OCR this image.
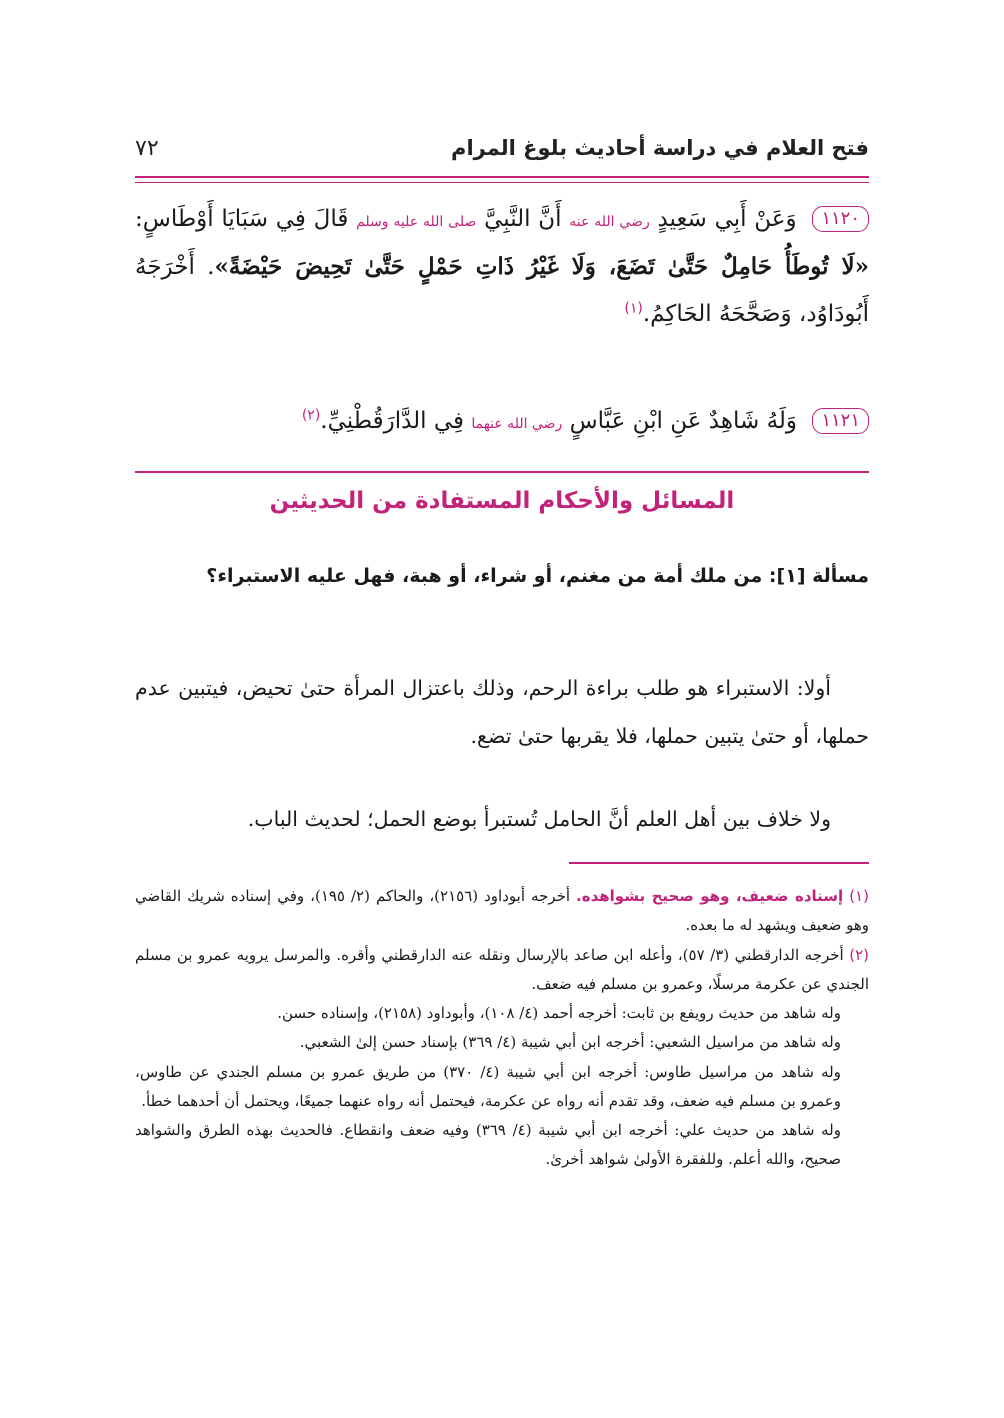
فتح العلام في دراسة أحاديث بلوغ المرام
٧٢
١١٢٠ وَعَنْ أَبِي سَعِيدٍ رضي الله عنه أَنَّ النَّبِيَّ صلى الله عليه وسلم قَالَ فِي سَبَايَا أَوْطَاسٍ: «لَا تُوطَأُ حَامِلٌ حَتَّىٰ تَضَعَ، وَلَا غَيْرُ ذَاتِ حَمْلٍ حَتَّىٰ تَحِيضَ حَيْضَةً». أَخْرَجَهُ أَبُودَاوُد، وَصَحَّحَهُ الحَاكِمُ.$^{(١)}$
١١٢١ وَلَهُ شَاهِدٌ عَنِ ابْنِ عَبَّاسٍ رضي الله عنهما فِي الدَّارَقُطْنِيِّ.$^{(٢)}$
المسائل والأحكام المستفادة من الحديثين
مسألة [١]: من ملك أمة من مغنم، أو شراء، أو هبة، فهل عليه الاستبراء؟
أولا: الاستبراء هو طلب براءة الرحم، وذلك باعتزال المرأة حتىٰ تحيض، فيتبين عدم حملها، أو حتىٰ يتبين حملها، فلا يقربها حتىٰ تضع.
ولا خلاف بين أهل العلم أنَّ الحامل تُستبرأ بوضع الحمل؛ لحديث الباب.

(١) إسناده ضعيف، وهو صحيح بشواهده. أخرجه أبوداود (٢١٥٦)، والحاكم (٢/ ١٩٥)، وفي إسناده شريك القاضي وهو ضعيف ويشهد له ما بعده.

(٢) أخرجه الدارقطني (٣/ ٥٧)، وأعله ابن صاعد بالإرسال ونقله عنه الدارقطني وأقره. والمرسل يرويه عمرو بن مسلم الجندي عن عكرمة مرسلًا، وعمرو بن مسلم فيه ضعف.

وله شاهد من حديث رويفع بن ثابت: أخرجه أحمد (٤/ ١٠٨)، وأبوداود (٢١٥٨)، وإسناده حسن.

وله شاهد من مراسيل الشعبي: أخرجه ابن أبي شيبة (٤/ ٣٦٩) بإسناد حسن إلىٰ الشعبي.

وله شاهد من مراسيل طاوس: أخرجه ابن أبي شيبة (٤/ ٣٧٠) من طريق عمرو بن مسلم الجندي عن طاوس، وعمرو بن مسلم فيه ضعف، وقد تقدم أنه رواه عن عكرمة، فيحتمل أنه رواه عنهما جميعًا، ويحتمل أن أحدهما خطأ.

وله شاهد من حديث علي: أخرجه ابن أبي شيبة (٤/ ٣٦٩) وفيه ضعف وانقطاع. فالحديث بهذه الطرق والشواهد صحيح، والله أعلم. وللفقرة الأولىٰ شواهد أخرىٰ.
